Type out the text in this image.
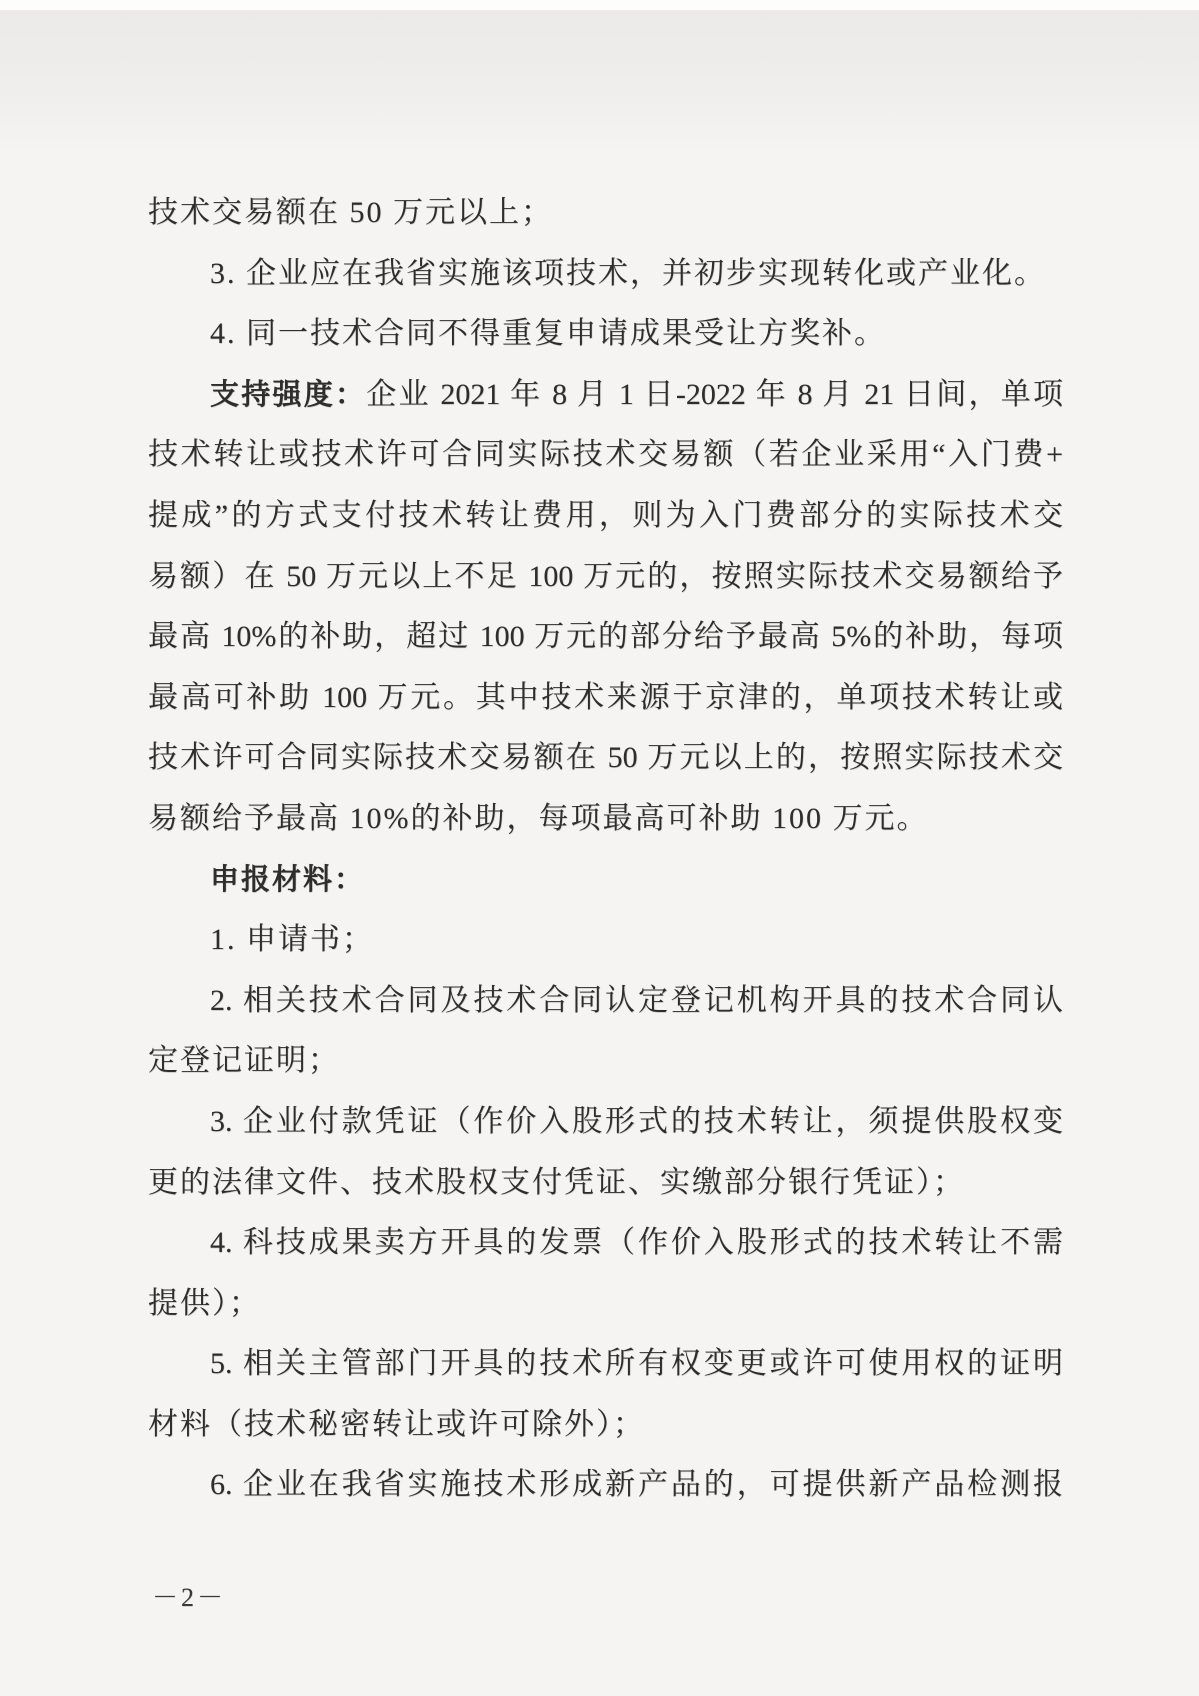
技术交易额在 50 万元以上；
3. 企业应在我省实施该项技术，并初步实现转化或产业化。
4. 同一技术合同不得重复申请成果受让方奖补。
支持强度：企业 2021 年 8 月 1 日-2022 年 8 月 21 日间，单项
技术转让或技术许可合同实际技术交易额（若企业采用“入门费+
提成”的方式支付技术转让费用，则为入门费部分的实际技术交
易额）在 50 万元以上不足 100 万元的，按照实际技术交易额给予
最高 10%的补助，超过 100 万元的部分给予最高 5%的补助，每项
最高可补助 100 万元。其中技术来源于京津的，单项技术转让或
技术许可合同实际技术交易额在 50 万元以上的，按照实际技术交
易额给予最高 10%的补助，每项最高可补助 100 万元。
申报材料：
1. 申请书；
2. 相关技术合同及技术合同认定登记机构开具的技术合同认
定登记证明；
3. 企业付款凭证（作价入股形式的技术转让，须提供股权变
更的法律文件、技术股权支付凭证、实缴部分银行凭证）；
4. 科技成果卖方开具的发票（作价入股形式的技术转让不需
提供）；
5. 相关主管部门开具的技术所有权变更或许可使用权的证明
材料（技术秘密转让或许可除外）；
6. 企业在我省实施技术形成新产品的，可提供新产品检测报
－2－
